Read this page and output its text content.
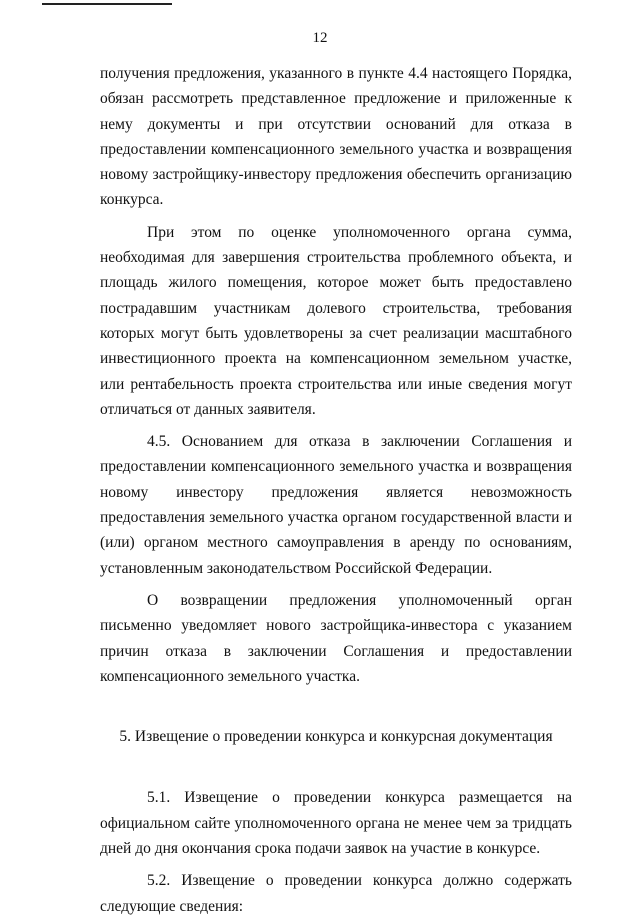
12

получения предложения, указанного в пункте 4.4 настоящего Порядка, обязан рассмотреть представленное предложение и приложенные к нему документы и при отсутствии оснований для отказа в предоставлении компенсационного земельного участка и возвращения новому застройщику-инвестору предложения обеспечить организацию конкурса.

При этом по оценке уполномоченного органа сумма, необходимая для завершения строительства проблемного объекта, и площадь жилого помещения, которое может быть предоставлено пострадавшим участникам долевого строительства, требования которых могут быть удовлетворены за счет реализации масштабного инвестиционного проекта на компенсационном земельном участке, или рентабельность проекта строительства или иные сведения могут отличаться от данных заявителя.

4.5. Основанием для отказа в заключении Соглашения и предоставлении компенсационного земельного участка и возвращения новому инвестору предложения является невозможность предоставления земельного участка органом государственной власти и (или) органом местного самоуправления в аренду по основаниям, установленным законодательством Российской Федерации.

О возвращении предложения уполномоченный орган письменно уведомляет нового застройщика-инвестора с указанием причин отказа в заключении Соглашения и предоставлении компенсационного земельного участка.

5. Извещение о проведении конкурса и конкурсная документация

5.1. Извещение о проведении конкурса размещается на официальном сайте уполномоченного органа не менее чем за тридцать дней до дня окончания срока подачи заявок на участие в конкурсе.

5.2. Извещение о проведении конкурса должно содержать следующие сведения:
